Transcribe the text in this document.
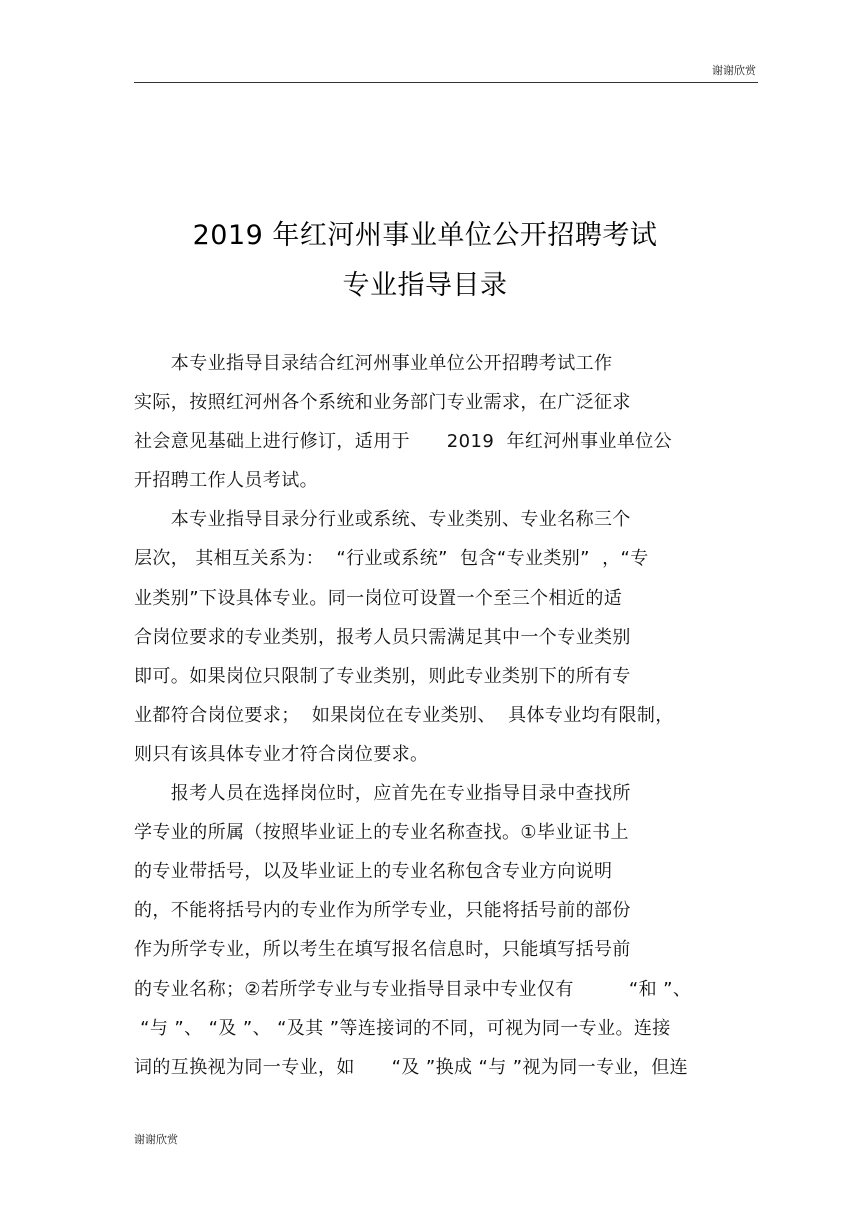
谢谢欣赏
2019 年红河州事业单位公开招聘考试
专业指导目录
　　本专业指导目录结合红河州事业单位公开招聘考试工作
实际，按照红河州各个系统和业务部门专业需求，在广泛征求
社会意见基础上进行修订，适用于　　2019  年红河州事业单位公
开招聘工作人员考试。
　　本专业指导目录分行业或系统、专业类别、专业名称三个
层次， 其相互关系为：  “行业或系统”  包含“专业类别”  ，“专
业类别”下设具体专业。同一岗位可设置一个至三个相近的适
合岗位要求的专业类别，报考人员只需满足其中一个专业类别
即可。如果岗位只限制了专业类别，则此专业类别下的所有专
业都符合岗位要求；  如果岗位在专业类别、  具体专业均有限制，
则只有该具体专业才符合岗位要求。
　　报考人员在选择岗位时，应首先在专业指导目录中查找所
学专业的所属（按照毕业证上的专业名称查找。①毕业证书上
的专业带括号，以及毕业证上的专业名称包含专业方向说明
的，不能将括号内的专业作为所学专业，只能将括号前的部份
作为所学专业，所以考生在填写报名信息时，只能填写括号前
的专业名称；②若所学专业与专业指导目录中专业仅有　　　“和 ”、
“与 ”、 “及 ”、 “及其 ”等连接词的不同，可视为同一专业。连接
词的互换视为同一专业，如　　“及 ”换成 “与 ”视为同一专业，但连
谢谢欣赏
